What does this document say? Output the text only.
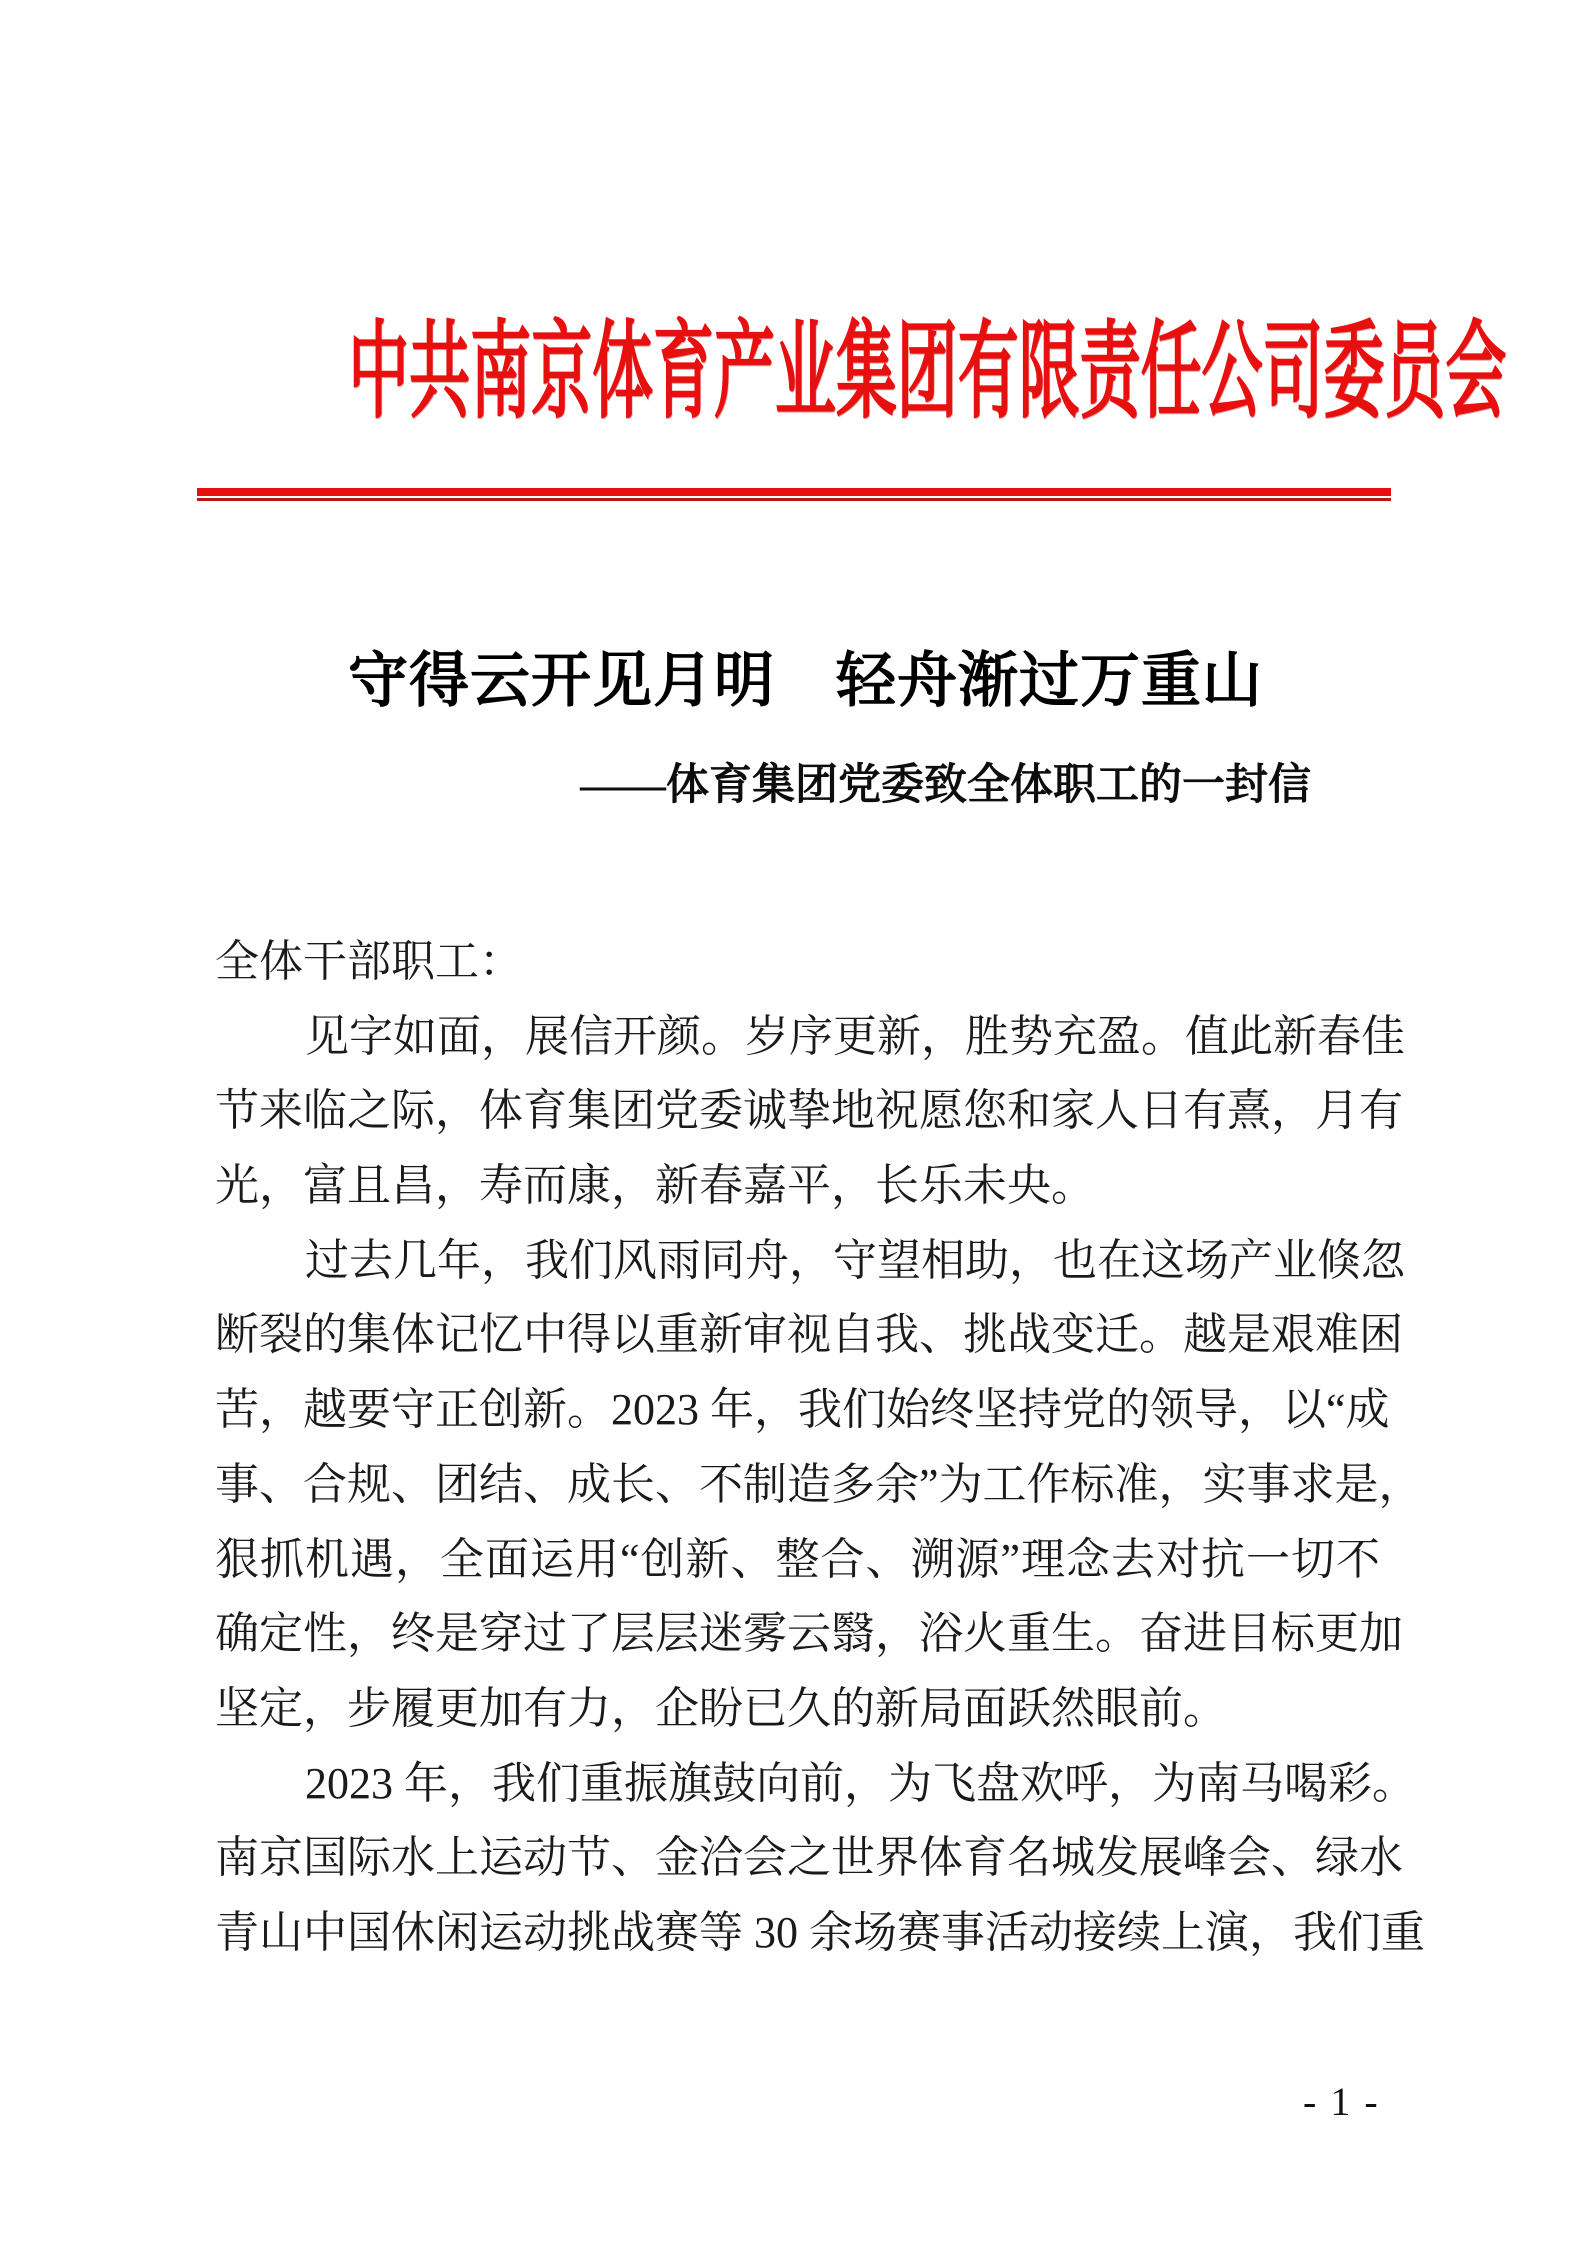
中共南京体育产业集团有限责任公司委员会
守得云开见月明　轻舟渐过万重山
——体育集团党委致全体职工的一封信
全体干部职工：
见字如面，展信开颜。岁序更新，胜势充盈。值此新春佳
节来临之际，体育集团党委诚挚地祝愿您和家人日有熹，月有
光，富且昌，寿而康，新春嘉平，长乐未央。
过去几年，我们风雨同舟，守望相助，也在这场产业倏忽
断裂的集体记忆中得以重新审视自我、挑战变迁。越是艰难困
苦，越要守正创新。2023 年，我们始终坚持党的领导，以“成
事、合规、团结、成长、不制造多余”为工作标准，实事求是，
狠抓机遇，全面运用“创新、整合、溯源”理念去对抗一切不
确定性，终是穿过了层层迷雾云翳，浴火重生。奋进目标更加
坚定，步履更加有力，企盼已久的新局面跃然眼前。
2023 年，我们重振旗鼓向前，为飞盘欢呼，为南马喝彩。
南京国际水上运动节、金洽会之世界体育名城发展峰会、绿水
青山中国休闲运动挑战赛等 30 余场赛事活动接续上演，我们重
- 1 -
